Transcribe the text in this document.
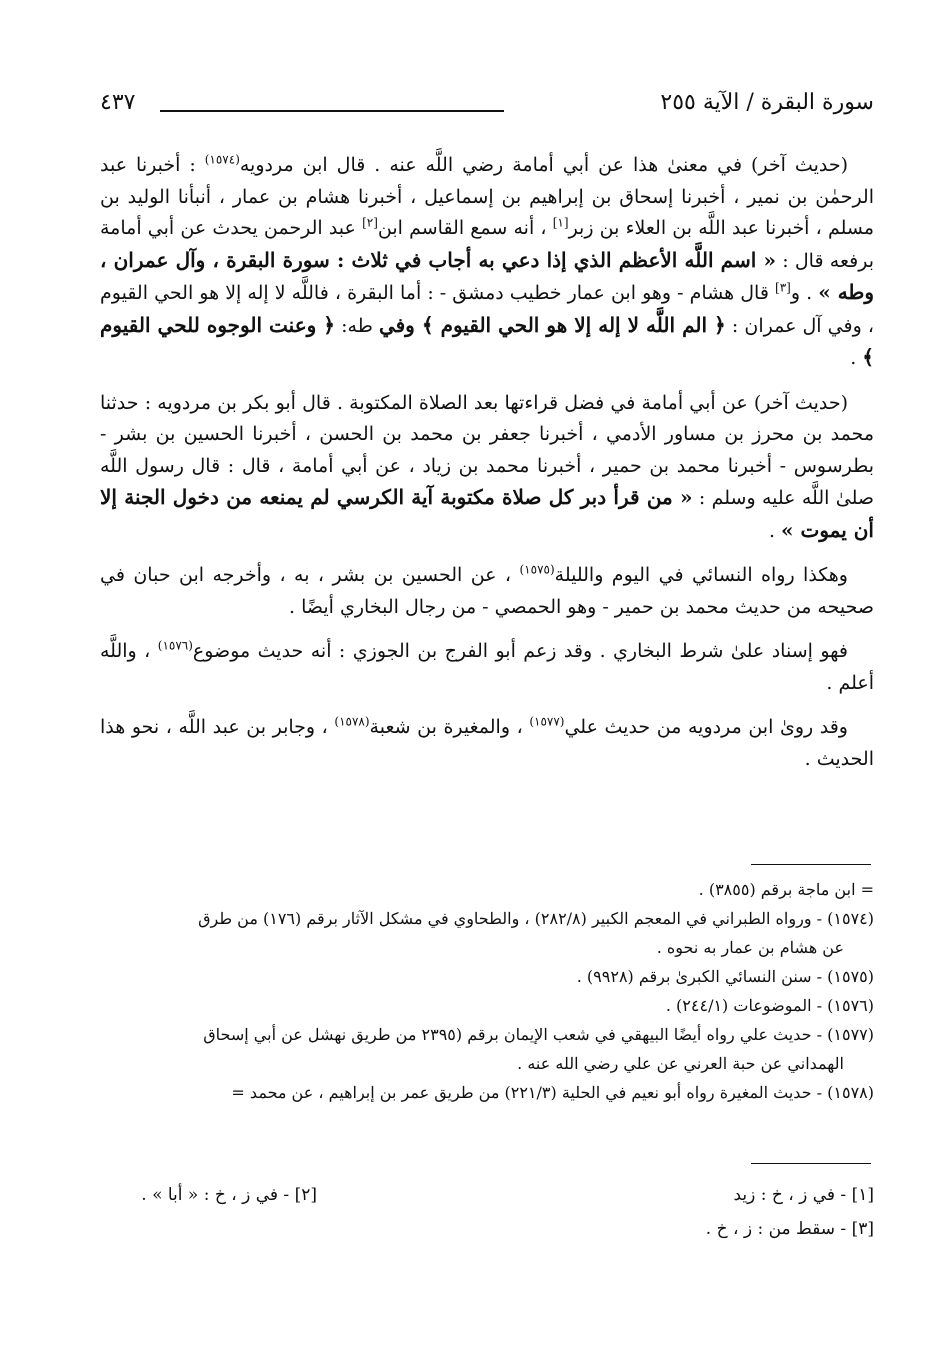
سورة البقرة / الآية ٢٥٥
٤٣٧

(حديث آخر) في معنىٰ هذا عن أبي أمامة رضي اللَّه عنه . قال ابن مردويه$^{(١٥٧٤)}$ : أخبرنا عبد الرحمٰن بن نمير ، أخبرنا إسحاق بن إبراهيم بن إسماعيل ، أخبرنا هشام بن عمار ، أنبأنا الوليد بن مسلم ، أخبرنا عبد اللَّه بن العلاء بن زبر[١] ، أنه سمع القاسم ابن[٢] عبد الرحمن يحدث عن أبي أمامة برفعه قال : « اسم اللَّه الأعظم الذي إذا دعي به أجاب في ثلاث : سورة البقرة ، وآل عمران ، وطه » . و[٣] قال هشام - وهو ابن عمار خطيب دمشق - : أما البقرة ، فاللَّه لا إله إلا هو الحي القيوم ، وفي آل عمران : ﴿ الم اللَّه لا إله إلا هو الحي القيوم ﴾ وفي طه: ﴿ وعنت الوجوه للحي القيوم ﴾ .

(حديث آخر) عن أبي أمامة في فضل قراءتها بعد الصلاة المكتوبة . قال أبو بكر بن مردويه : حدثنا محمد بن محرز بن مساور الأدمي ، أخبرنا جعفر بن محمد بن الحسن ، أخبرنا الحسين بن بشر - بطرسوس - أخبرنا محمد بن حمير ، أخبرنا محمد بن زياد ، عن أبي أمامة ، قال : قال رسول اللَّه صلىٰ اللَّه عليه وسلم : « من قرأ دبر كل صلاة مكتوبة آية الكرسي لم يمنعه من دخول الجنة إلا أن يموت » .

وهكذا رواه النسائي في اليوم والليلة$^{(١٥٧٥)}$ ، عن الحسين بن بشر ، به ، وأخرجه ابن حبان في صحيحه من حديث محمد بن حمير - وهو الحمصي - من رجال البخاري أيضًا .

فهو إسناد علىٰ شرط البخاري . وقد زعم أبو الفرج بن الجوزي : أنه حديث موضوع$^{(١٥٧٦)}$ ، واللَّه أعلم .

وقد روىٰ ابن مردويه من حديث علي$^{(١٥٧٧)}$ ، والمغيرة بن شعبة$^{(١٥٧٨)}$ ، وجابر بن عبد اللَّه ، نحو هذا الحديث .

= ابن ماجة برقم (٣٨٥٥) .

(١٥٧٤) - ورواه الطبراني في المعجم الكبير (٢٨٢/٨) ، والطحاوي في مشكل الآثار برقم (١٧٦) من طرق

عن هشام بن عمار به نحوه .

(١٥٧٥) - سنن النسائي الكبرىٰ برقم (٩٩٢٨) .

(١٥٧٦) - الموضوعات (٢٤٤/١) .

(١٥٧٧) - حديث علي رواه أيضًا البيهقي في شعب الإيمان برقم (٢٣٩٥ من طريق نهشل عن أبي إسحاق

الهمداني عن حبة العرني عن علي رضي الله عنه .

(١٥٧٨) - حديث المغيرة رواه أبو نعيم في الحلية (٢٢١/٣) من طريق عمر بن إبراهيم ، عن محمد =

[١] - في ز ، خ : زيد
[٢] - في ز ، خ : « أبا » .
[٣] - سقط من : ز ، خ .
